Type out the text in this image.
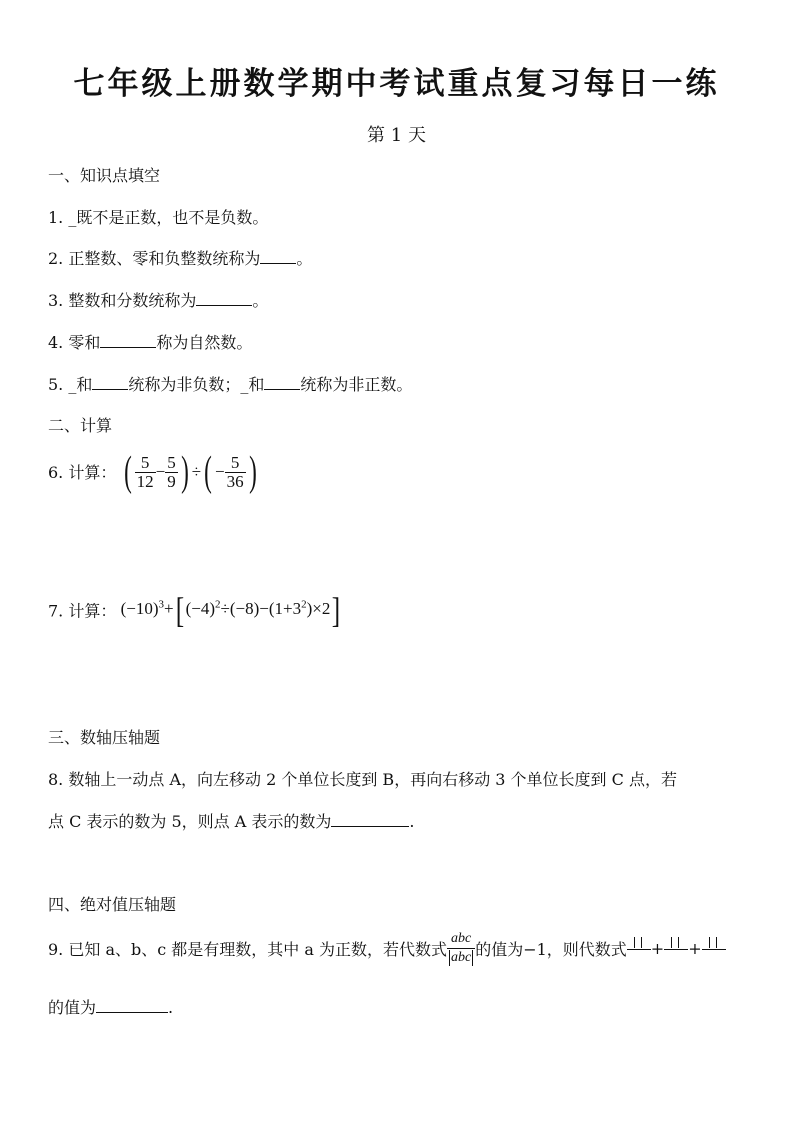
七年级上册数学期中考试重点复习每日一练
第 1 天
一、知识点填空
1. _既不是正数，也不是负数。
2. 正整数、零和负整数统称为 。
3. 整数和分数统称为	。
4. 零和	称为自然数。
5. _和 统称为非负数；_和 统称为非正数。
二、计算
6. 计算： ( $\frac{5}{12} - \frac{5}{9}$ ) ÷( − $\frac{5}{36}$ )
7. 计算： $(-10)^3+$[ $(-4)^2\div(-8)-(1+3^2)\times 2$]
三、数轴压轴题
8. 数轴上一动点 A，向左移动 2 个单位长度到 B，再向右移动 3 个单位长度到 C 点，若
点 C 表示的数为 5，则点 A 表示的数为	.
四、绝对值压轴题
9. 已知 a、b、c 都是有理数，其中 a 为正数，若代数式 $\frac{\text{abc}}{\text{abc}}$ 的值为−1，则代数式 + +
的值为	.
